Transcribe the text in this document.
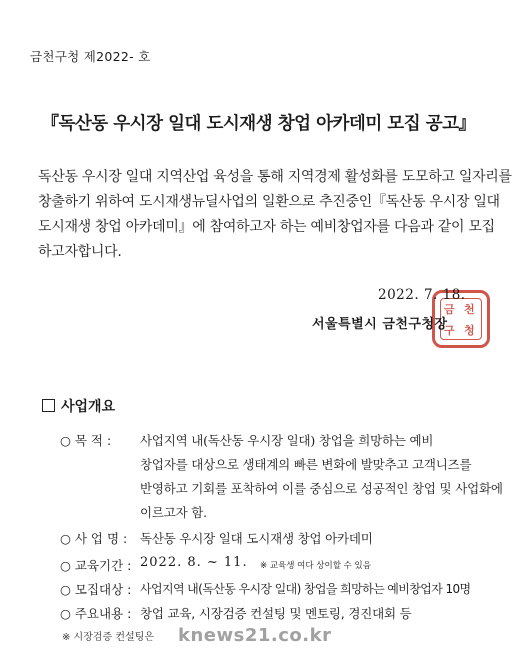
금천구청 제2022- 호
『독산동 우시장 일대 도시재생 창업 아카데미 모집 공고』
독산동 우시장 일대 지역산업 육성을 통해 지역경제 활성화를 도모하고 일자리를
창출하기 위하여 도시재생뉴딜사업의 일환으로 추진중인『독산동 우시장 일대
도시재생 창업 아카데미』에 참여하고자 하는 예비창업자를 다음과 같이 모집
하고자합니다.
금 천
구 청
2022. 7. 18.
서울특별시 금천구청장
사업개요
○ 목 적 : 사업지역 내(독산동 우시장 일대) 창업을 희망하는 예비
창업자를 대상으로 생태계의 빠른 변화에 발맞추고 고객니즈를
반영하고 기회를 포착하여 이를 중심으로 성공적인 창업 및 사업화에
이르고자 함.
○ 사 업 명 : 독산동 우시장 일대 도시재생 창업 아카데미
○ 교육기간 : 2022. 8. ~ 11. ※ 교육생 여다 상이할 수 있음
○ 모집대상 : 사업지역 내(독산동 우시장 일대) 창업을 희망하는 예비창업자 10명
○ 주요내용 : 창업 교육, 시장검증 컨설팅 및 멘토링, 경진대회 등
※ 시장검증 컨설팅은 knews21.co.kr
